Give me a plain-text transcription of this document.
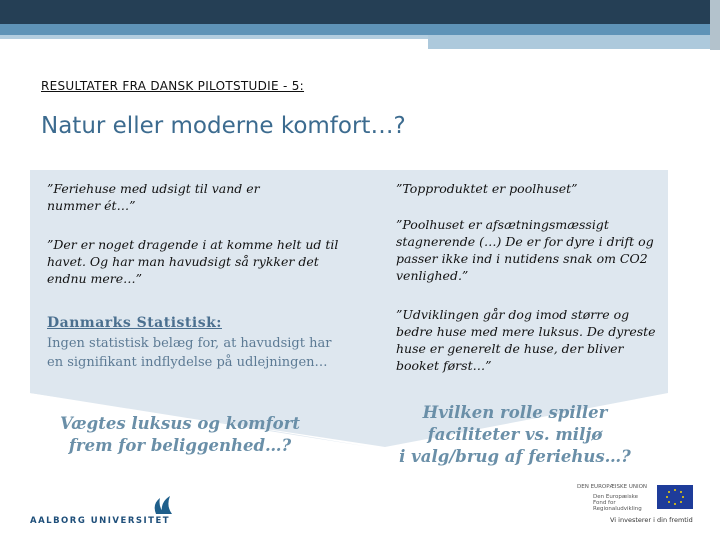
RESULTATER FRA DANSK PILOTSTUDIE - 5:
Natur eller moderne komfort…?
”Feriehuse med udsigt til vand er nummer ét…”
”Der er noget dragende i at komme helt ud til havet. Og har man havudsigt så rykker det endnu mere…”
Danmarks Statistisk:
Ingen statistisk belæg for, at havudsigt har en signifikant indflydelse på udlejningen…
Vægtes luksus og komfort frem for beliggenhed…?
”Topproduktet er poolhuset”
”Poolhuset er afsætningsmæssigt stagnerende (…) De er for dyre i drift og passer ikke ind i nutidens snak om CO2 venlighed.”
”Udviklingen går dog imod større og bedre huse med mere luksus. De dyreste huse er generelt de huse, der bliver booket først…”
Hvilken rolle spiller
faciliteter vs. miljø
i valg/brug af feriehus…?
AALBORG UNIVERSITET
DEN EUROPÆISKE UNION
Den Europæiske Fond for Regionaludvikling
Vi investerer i din fremtid
